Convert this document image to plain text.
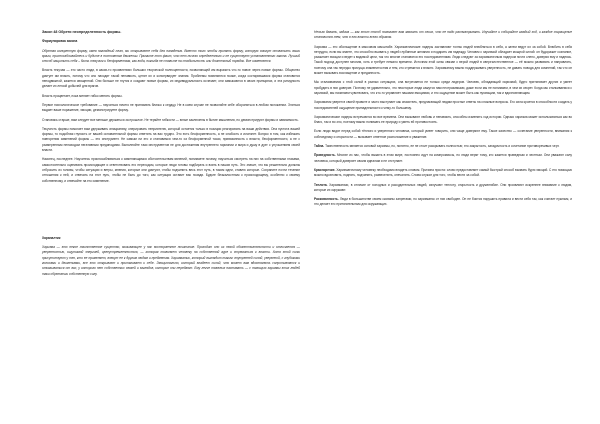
Закон 48 Обрети неопределенность формы.

Формулировка закона

Обретая конкретную форму, имея наглядный план, вы открываете себя для нападения. Вместо того чтобы принять форму, которую смогут отхватить ваши враги, приспосабливайтесь и будьте в постоянном движении. Примите тот факт, что нет ничего определенного и не существует установленного закона. Лучший способ защитить себя – быть текучим и бесформенным, как вода, никогда не ставьте на стабильность или длительный порядок. Все изменяется.

Власть текучая — это часто люди, в каких-то проявлениях больших творческой полноценности, позволяющей им выразить что-то новое через новые формы. Общество диктует им власть, потому что оно находит такой ненависть, ценит их и консервирует знания. Проблемы появляются позже, когда состарившаяся форма становится неподвижной, кажется священной. Они больше не гнутся и создают новые формы, их индивидуальность исчезает, они замыкаются в своих принципах, и эта ригидность делает их легкой добычей для врагов.

Власть процветает, пока меняет гибко менять формы.

Первое психологическое требование — научиться ничего не принимать близко к сердцу. Не в коем случае не позволяйте себе обороняться в любом положении. Злиться выдает ваше поражение, эмоции, демонстрируете форму.

Становясь старше, вам следует все меньше держаться за прошлое. Не теряйте гибкости — юные заключены в бытие мышления, но демонстрируют формы и зависимость.

Текучесть формы помогает вам удерживать инициативу, оперировать неприятелю, который остается только в позиции реагировать на ваши действия. Она пустота вашей формы, то подобная глупость от вашей основательной формы ответить на вас трудно. Это есть бесформенность, а не слабость и исчезнет. Вопрос в том, как избежать повторения изменений формы — это инструмент. Не самым ли это и становимся чем-то из бесформенной тоски, привязанность к власти, бесформенности, а не с размеренным ненаходом негативным прединодиям. Выполняйте таки инструментов не для достижения внутреннего гармонии и мира и душу в дуэт с улучшением своей власти.

Наконец, последнее. Научитесь приспосабливаться к изменяющимся обстоятельствам явлений, понимаете почему, научиться смотреть на них на собственными глазами, самостоятельно оценивать происходящее и ответствовать его переходом, которые люди готовы подбирать и взять в наших путь. Это значит, что вы решительно должны отбросить из головы, чтобы ситуации и ветры, мнения, которые они диктуют, чтобы подчинить весь этот путь, в таком идеи, ставлю которые. Сохраните почти течение отношения к ней, и отвечать на этот путь, чтобы не быть до того, как ситуация оставит вас позади. Будьте безжалостным к происходящему, особенно к своему собственному, и отвечайте на его изменение.

Хараналтик

Харизма — это некое таинственное существо, вызывающее у нас восторженное почитание. Проходит оно из некой обожествительности и отличается — уверенностью, ощутимой энергией, целеустремленностью, — которая позволяет человеку на собственной ауре и стремиться к власти. Хотя этой силы присутствуют у тех, кто ее применяет, влекут ее к другим людям и предметам. Харизматик, который выглядит таким: внутренней силой, уверенной, с глубокими голосами и движениями, все это открывает и притягивает к себе. Эмоционально, который владеет силой, что может вам вдохновлять сопротивлятся и отказываться от вас, у которого нет собственных связей и взглядов, которые они передают. Ему легче тяжелых наставать — с помощью харизмы этих людей таки обретаешь собственную силу.

Нельзя давать, задача — как этот способ помогает вам заявить от своих, что не надо рассматривать. Изучайте и собирайте каждый ход, и каждое сокращение становится тем, что в его власти всего образом.

Харизма — это обольщение в массовом масштабе. Харизматические лидеры заставляют толпы людей влюбляться в себя, а затем ведут их за собой. Влюбить в себя нетрудно, если вы знаете, что способно вызвать у людей глубинные желания и подарить им надежду. Человек с харизмой обладает мощной силой: он будоражит сознание, разжигает эмоции и ведет к видимой цели, так что многие становятся его последователями. Люди следуют за харизматичным лидером почти слепо, доверяя ему и надеясь. Такой подход доступен многим, хоть и требует немало времени. Источник этой силы связан с верой людей в сверхъестественное — её можно развивать и направлять, поэтому она так нередко присуща знаменитостям и тем, кто стремится к власти. Харизматику важно поддерживать уверенность, не давать повода для сомнений, так что он может вызывать восхищение и преданность.

Мы сталкиваемся с этой силой в разных ситуациях, она встречается не только среди лидеров. Человек, обладающий харизмой, будто притягивает других и умеет пробудить в них доверие. Поэтому не удивительно, что некоторые люди кажутся нам неотразимыми, даже если мы не понимаем, в чем их секрет. Когда мы сталкиваемся с харизмой, мы начинаем чувствовать, что кто-то управляет нашими эмоциями, и это ощущение может быть как пугающим, так и вдохновляющим.

Харизматик уверен в своей правоте и часто выступает как спаситель, предлагающий людям простые ответы на сложные вопросы. Его сила кроется в способности создать у последователей ощущение принадлежности к чему-то большему.

Харизматические лидеры встречаются во все времена. Они вызывают любовь и ненависть, способны изменить ход истории. Однако харизма может использоваться как во благо, так и во зло, поэтому важно понимать ее природу и уметь ей противостоять.

Если люди видят перед собой тёплого и уверенного человека, который умеет говорить, они чаще доверяют ему. Такое качество — сочетание уверенности, внимания к собеседнику и открытости — вызывает ответное расположение и уважение.

Тайна. Таинственность является основой харизмы, но, понятно, ее не стоит раскрывать полностью; это закрытость, загадочность и сочетание противоречивых черт.

Праведность. Многие из нас, чтобы выжить в этом мире, постоянно идут на компромиссы, но люди верят тому, кто кажется праведным и честным. Они уважают силу человека, который доверяет своим идеалам и не отступает.

Красноречие. Харизматичному человеку необходимо владеть словом. Причина проста: слово предоставляет самый быстрый способ вызвать бурю эмоций. С его помощью можно вдохновить, поднять, подчинить, развеселить, опечалить. Слова служат для того, чтобы вести за собой.

Теплота. Харизматики, в отличие от холодных и рассудительных людей, излучают теплоту, открытость и дружелюбие. Они проявляют искреннее внимание к людям, которые их окружают.

Раскованность. Люди в большинстве своем скованы запретами, но харизматик от них свободен. Он не боится нарушить правила и вести себя так, как считает нужным, и это делает его притягательным для окружающих.
